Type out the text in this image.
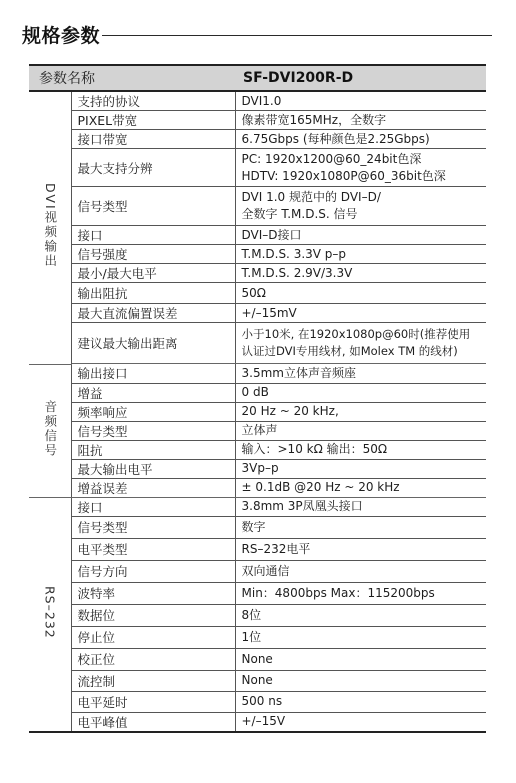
规格参数
参数名称		SF-DVI200R-D
DVI视频输出	支持的协议	DVI1.0
	PIXEL带宽	像素带宽165MHz，全数字
	接口带宽	6.75Gbps (每种颜色是2.25Gbps)
	最大支持分辨	PC: 1920x1200@60_24bit色深
HDTV: 1920x1080P@60_36bit色深

	信号类型	DVI 1.0 规范中的 DVI–D/
全数字 T.M.D.S. 信号

	接口	DVI–D接口
	信号强度	T.M.D.S. 3.3V p–p
	最小/最大电平	T.M.D.S. 2.9V/3.3V
	输出阻抗	50Ω
	最大直流偏置误差	+/–15mV
	建议最大输出距离	小于10米, 在1920x1080p@60时(推荐使用
认证过DVI专用线材, 如Molex TM 的线材)

音频信号	输出接口	3.5mm立体声音频座
	增益	0 dB
	频率响应	20 Hz ~ 20 kHz,
	信号类型	立体声
	阻抗	输入：>10 kΩ 输出：50Ω
	最大输出电平	3Vp–p
	增益误差	± 0.1dB @20 Hz ~ 20 kHz
RS–232	接口	3.8mm 3P凤凰头接口
	信号类型	数字
	电平类型	RS–232电平
	信号方向	双向通信
	波特率	Min：4800bps Max：115200bps
	数据位	8位
	停止位	1位
	校正位	None
	流控制	None
	电平延时	500 ns
	电平峰值	+/–15V
